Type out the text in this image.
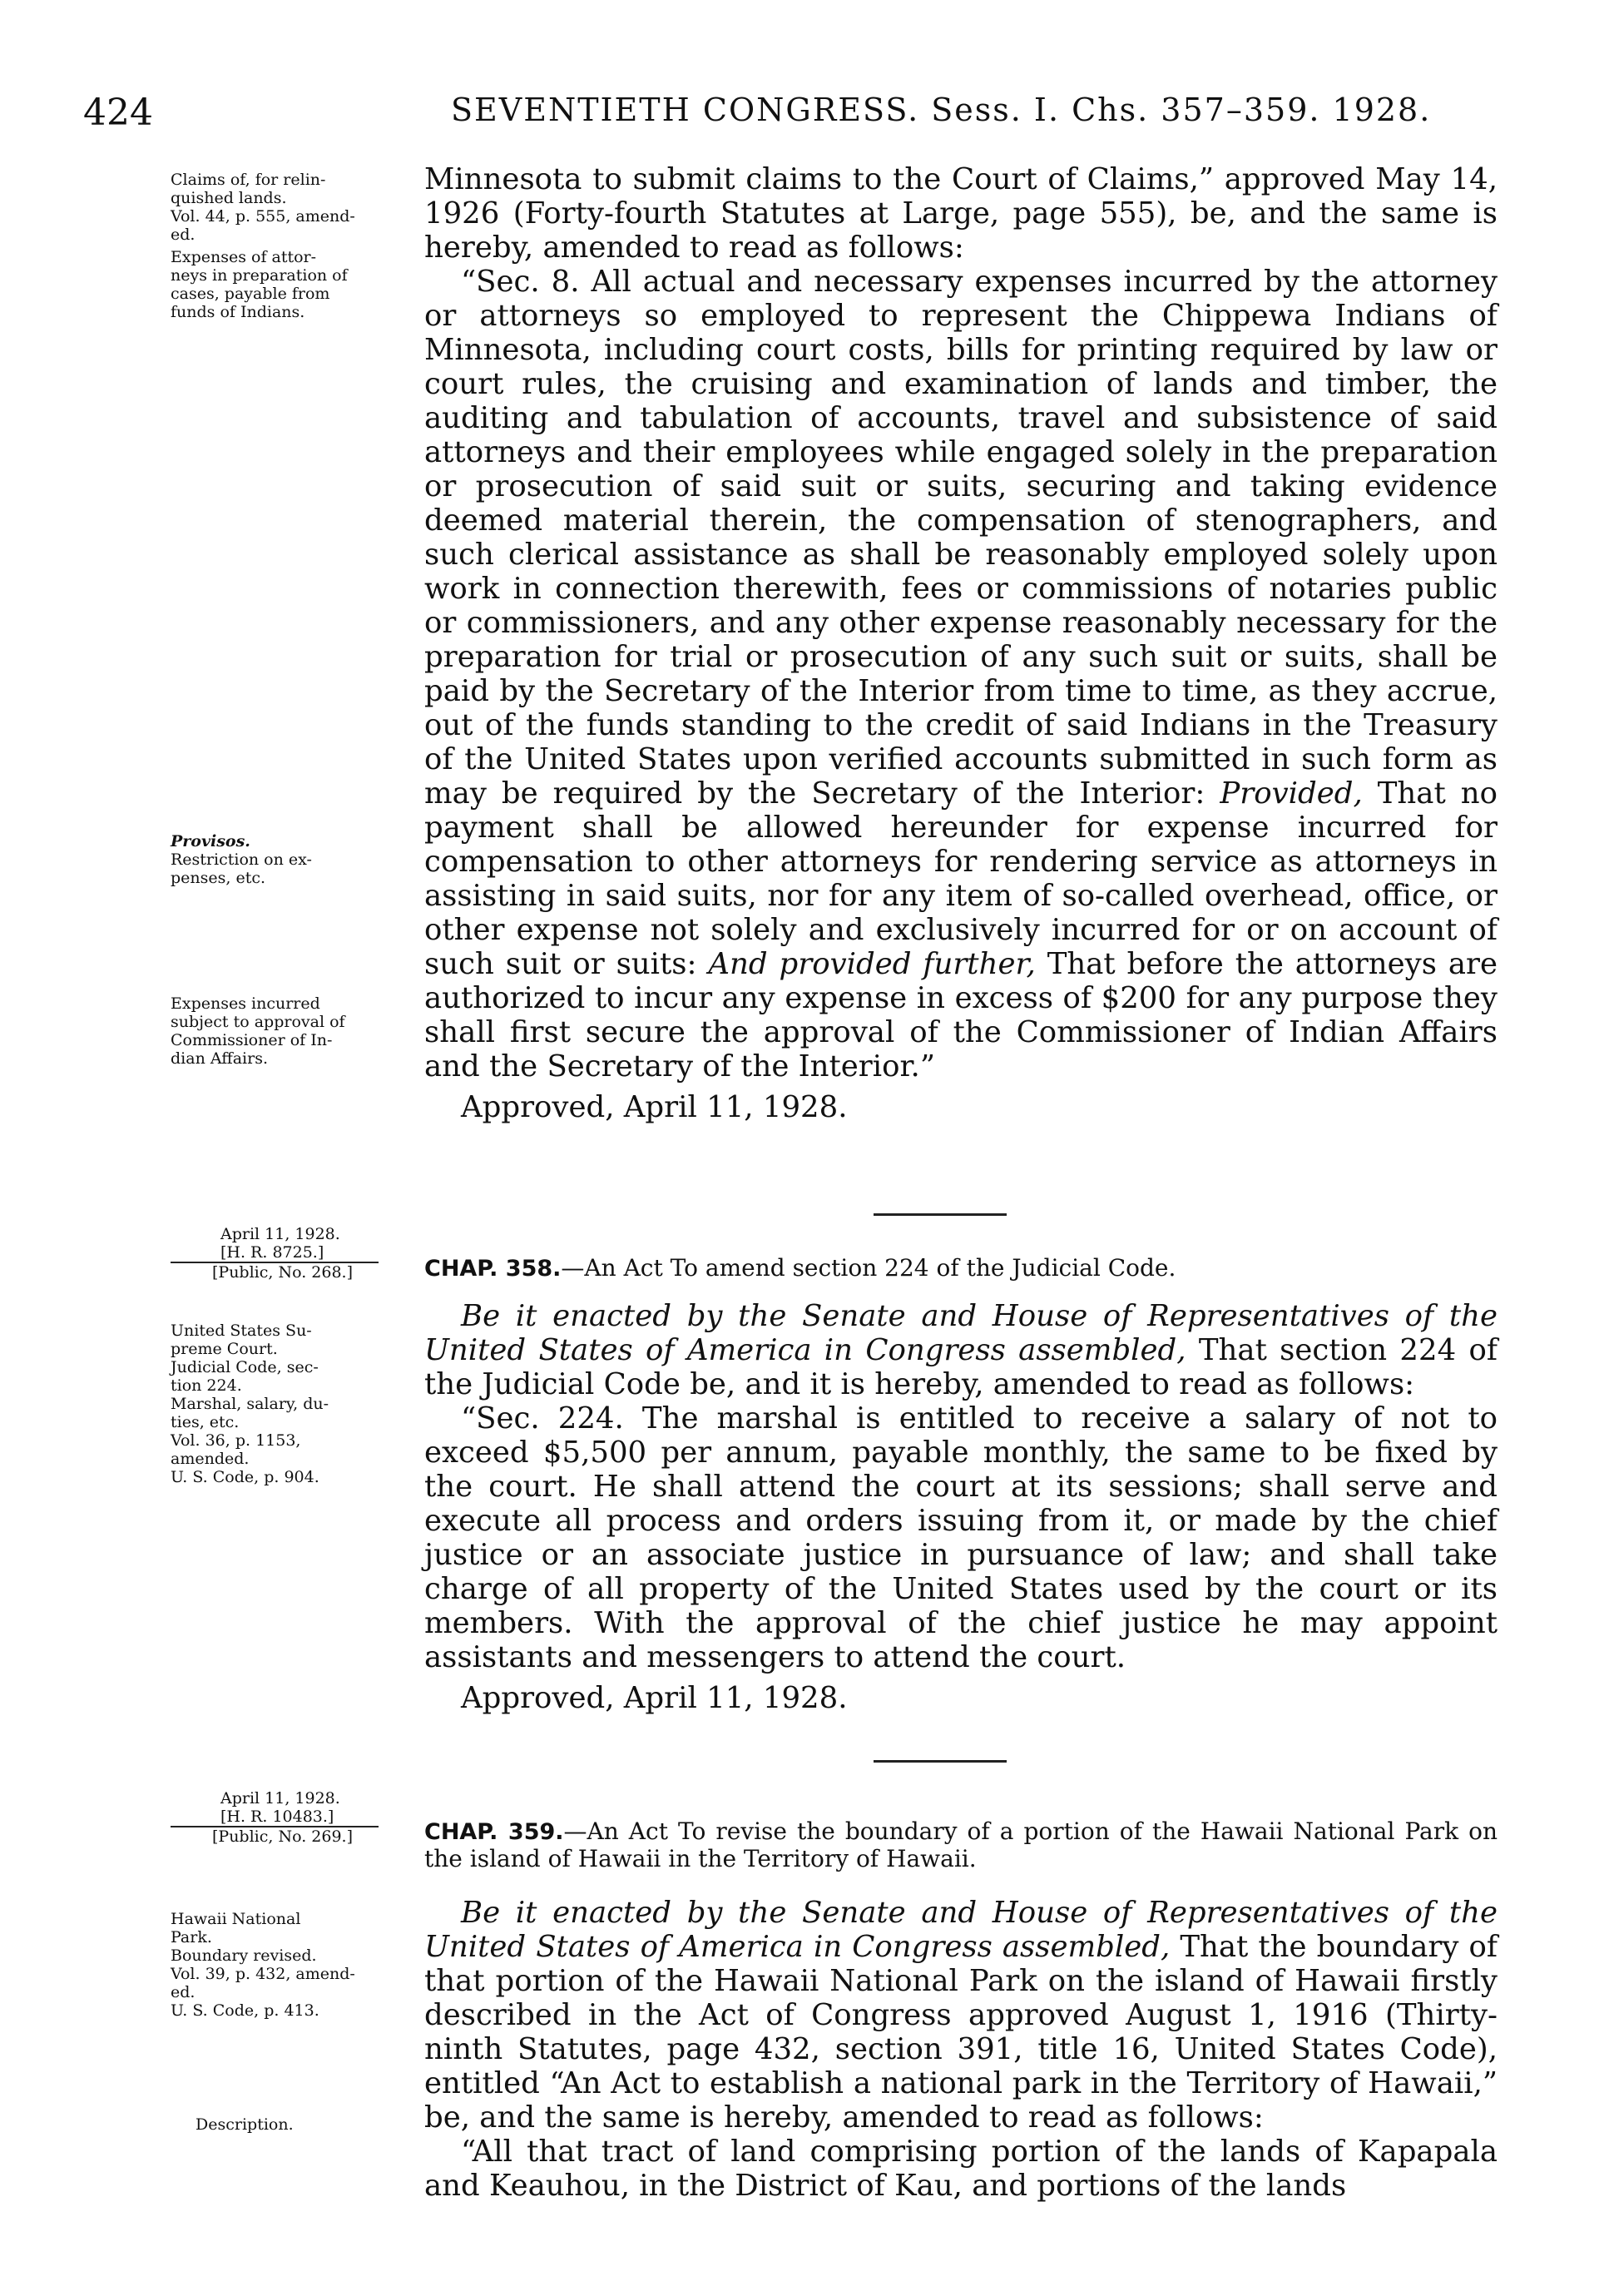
424	SEVENTIETH CONGRESS. Sess. I. Chs. 357–359. 1928.
Claims of, for relin-
quished lands.
Vol. 44, p. 555, amend-
ed.
Expenses of attor-
neys in preparation of
cases, payable from
funds of Indians.
Provisos.
Restriction on ex-
penses, etc.
Expenses incurred
subject to approval of
Commissioner of In-
dian Affairs.

Minnesota to submit claims to the Court of Claims,” approved May 14, 1926 (Forty-fourth Statutes at Large, page 555), be, and the same is hereby, amended to read as follows:

“Sec. 8. All actual and necessary expenses incurred by the attorney or attorneys so employed to represent the Chippewa Indians of Minnesota, including court costs, bills for printing required by law or court rules, the cruising and examination of lands and timber, the auditing and tabulation of accounts, travel and subsistence of said attorneys and their employees while engaged solely in the preparation or prosecution of said suit or suits, securing and taking evidence deemed material therein, the compensation of stenographers, and such clerical assistance as shall be reasonably employed solely upon work in connection therewith, fees or commissions of notaries public or commissioners, and any other expense reasonably necessary for the preparation for trial or prosecution of any such suit or suits, shall be paid by the Secretary of the Interior from time to time, as they accrue, out of the funds standing to the credit of said Indians in the Treasury of the United States upon verified accounts submitted in such form as may be required by the Secretary of the Interior: Provided, That no payment shall be allowed hereunder for expense incurred for compensation to other attorneys for rendering service as attorneys in assisting in said suits, nor for any item of so-called overhead, office, or other expense not solely and exclusively incurred for or on account of such suit or suits: And provided further, That before the attorneys are authorized to incur any expense in excess of $200 for any purpose they shall first secure the approval of the Commissioner of Indian Affairs and the Secretary of the Interior.”

Approved, April 11, 1928.

April 11, 1928.
[H. R. 8725.]
[Public, No. 268.]
United States Su-
preme Court.
Judicial Code, sec-
tion 224.
Marshal, salary, du-
ties, etc.
Vol. 36, p. 1153,
amended.
U. S. Code, p. 904.

CHAP. 358.—An Act To amend section 224 of the Judicial Code.

Be it enacted by the Senate and House of Representatives of the United States of America in Congress assembled, That section 224 of the Judicial Code be, and it is hereby, amended to read as follows:

“Sec. 224. The marshal is entitled to receive a salary of not to exceed $5,500 per annum, payable monthly, the same to be fixed by the court. He shall attend the court at its sessions; shall serve and execute all process and orders issuing from it, or made by the chief justice or an associate justice in pursuance of law; and shall take charge of all property of the United States used by the court or its members. With the approval of the chief justice he may appoint assistants and messengers to attend the court.

Approved, April 11, 1928.

April 11, 1928.
[H. R. 10483.]
[Public, No. 269.]
Hawaii National
Park.
Boundary revised.
Vol. 39, p. 432, amend-
ed.
U. S. Code, p. 413.
Description.

CHAP. 359.—An Act To revise the boundary of a portion of the Hawaii National Park on the island of Hawaii in the Territory of Hawaii.

Be it enacted by the Senate and House of Representatives of the United States of America in Congress assembled, That the boundary of that portion of the Hawaii National Park on the island of Hawaii firstly described in the Act of Congress approved August 1, 1916 (Thirty-ninth Statutes, page 432, section 391, title 16, United States Code), entitled “An Act to establish a national park in the Territory of Hawaii,” be, and the same is hereby, amended to read as follows:

“All that tract of land comprising portion of the lands of Kapapala and Keauhou, in the District of Kau, and portions of the lands
